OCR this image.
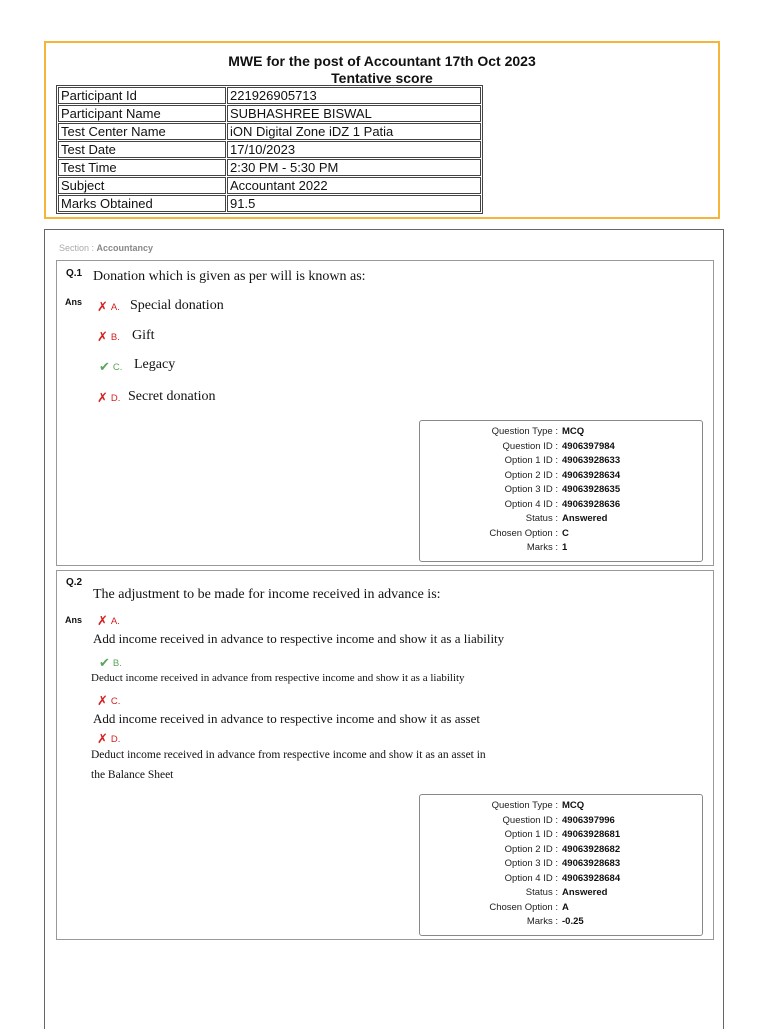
MWE for the post of Accountant 17th Oct 2023
Tentative score
Participant Id	221926905713
Participant Name	SUBHASHREE BISWAL
Test Center Name	iON Digital Zone iDZ 1 Patia
Test Date	17/10/2023
Test Time	2:30 PM - 5:30 PM
Subject	Accountant 2022
Marks Obtained	91.5
Section : Accountancy
Q.1 Donation which is given as per will is known as:
Ans ✗ A. Special donation
✗ B. Gift
✔ C. Legacy
✗ D. Secret donation
Question Type : MCQ
Question ID : 4906397984
Option 1 ID : 49063928633
Option 2 ID : 49063928634
Option 3 ID : 49063928635
Option 4 ID : 49063928636
Status : Answered
Chosen Option : C
Marks : 1
Q.2
The adjustment to be made for income received in advance is:
Ans ✗ A.
Add income received in advance to respective income and show it as a liability
✔ B.
Deduct income received in advance from respective income and show it as a liability
✗ C.
Add income received in advance to respective income and show it as asset
✗ D.
Deduct income received in advance from respective income and show it as an asset in
the Balance Sheet
Question Type : MCQ
Question ID : 4906397996
Option 1 ID : 49063928681
Option 2 ID : 49063928682
Option 3 ID : 49063928683
Option 4 ID : 49063928684
Status : Answered
Chosen Option : A
Marks : -0.25
